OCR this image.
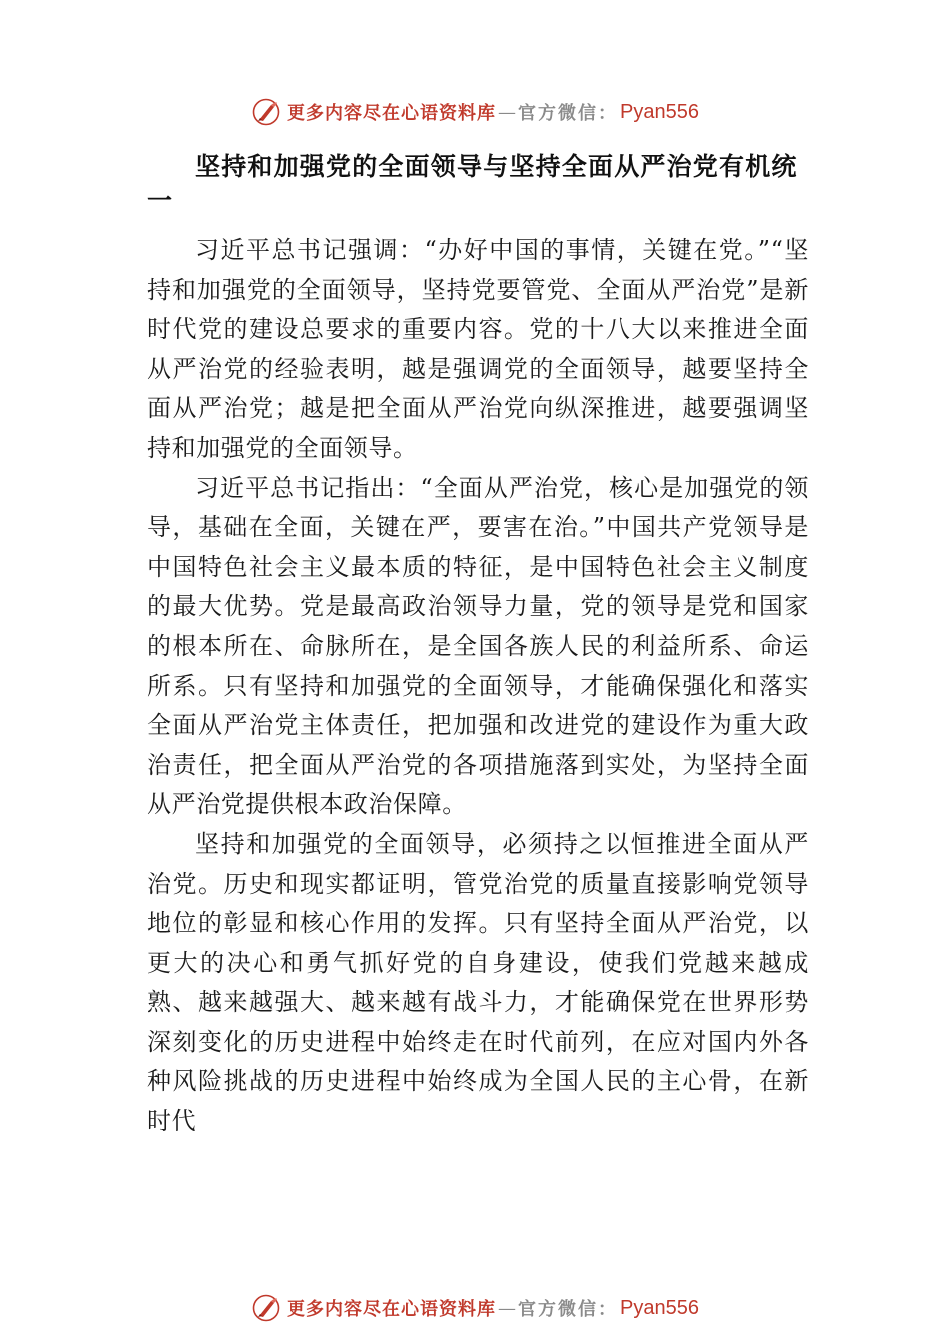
更多内容尽在心语资料库 — 官方微信： Pyan556
坚持和加强党的全面领导与坚持全面从严治党有机统一

习近平总书记强调：“办好中国的事情，关键在党。”“坚持和加强党的全面领导，坚持党要管党、全面从严治党”是新时代党的建设总要求的重要内容。党的十八大以来推进全面从严治党的经验表明，越是强调党的全面领导，越要坚持全面从严治党；越是把全面从严治党向纵深推进，越要强调坚持和加强党的全面领导。

习近平总书记指出：“全面从严治党，核心是加强党的领导，基础在全面，关键在严，要害在治。”中国共产党领导是中国特色社会主义最本质的特征，是中国特色社会主义制度的最大优势。党是最高政治领导力量，党的领导是党和国家的根本所在、命脉所在，是全国各族人民的利益所系、命运所系。只有坚持和加强党的全面领导，才能确保强化和落实全面从严治党主体责任，把加强和改进党的建设作为重大政治责任，把全面从严治党的各项措施落到实处，为坚持全面从严治党提供根本政治保障。

坚持和加强党的全面领导，必须持之以恒推进全面从严治党。历史和现实都证明，管党治党的质量直接影响党领导地位的彰显和核心作用的发挥。只有坚持全面从严治党，以更大的决心和勇气抓好党的自身建设，使我们党越来越成熟、越来越强大、越来越有战斗力，才能确保党在世界形势深刻变化的历史进程中始终走在时代前列，在应对国内外各种风险挑战的历史进程中始终成为全国人民的主心骨，在新时代

更多内容尽在心语资料库 — 官方微信： Pyan556
